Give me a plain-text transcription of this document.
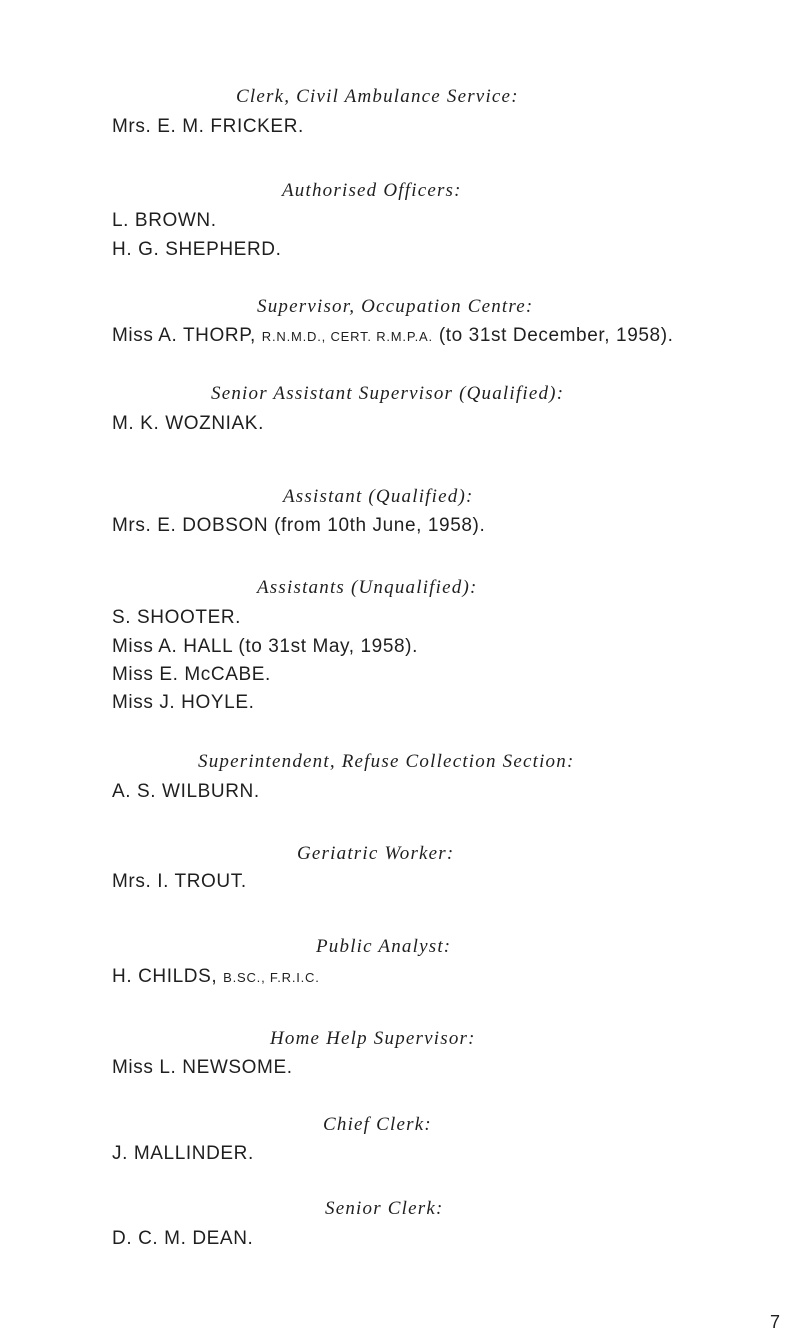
Clerk, Civil Ambulance Service:
Mrs. E. M. FRICKER.
Authorised Officers:
L. BROWN.
H. G. SHEPHERD.
Supervisor, Occupation Centre:
Miss A. THORP, R.N.M.D., CERT. R.M.P.A. (to 31st December, 1958).
Senior Assistant Supervisor (Qualified):
M. K. WOZNIAK.
Assistant (Qualified):
Mrs. E. DOBSON (from 10th June, 1958).
Assistants (Unqualified):
S. SHOOTER.
Miss A. HALL (to 31st May, 1958).
Miss E. McCABE.
Miss J. HOYLE.
Superintendent, Refuse Collection Section:
A. S. WILBURN.
Geriatric Worker:
Mrs. I. TROUT.
Public Analyst:
H. CHILDS, B.SC., F.R.I.C.
Home Help Supervisor:
Miss L. NEWSOME.
Chief Clerk:
J. MALLINDER.
Senior Clerk:
D. C. M. DEAN.
7
